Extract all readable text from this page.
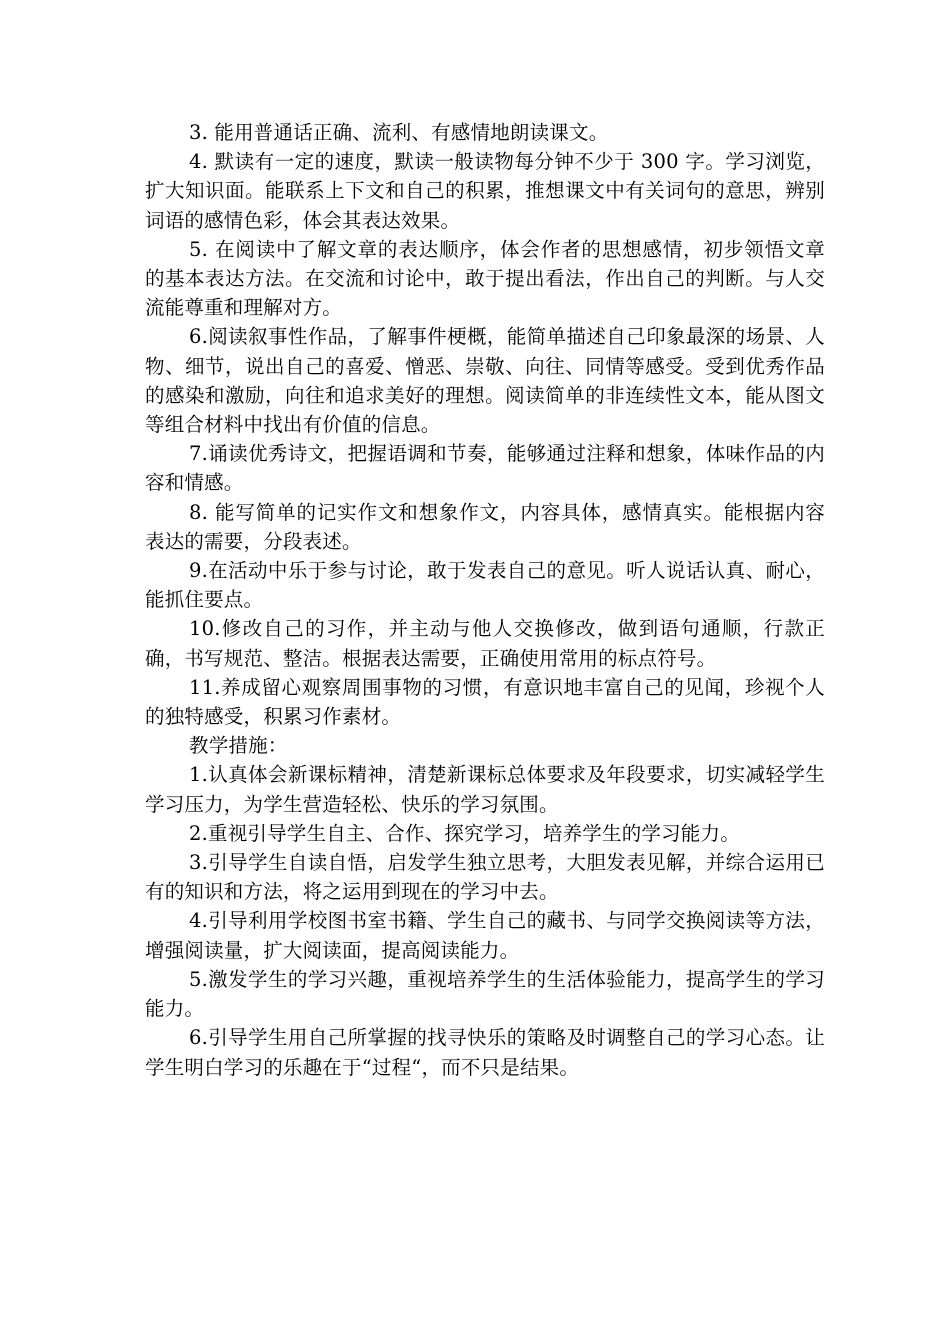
3. 能用普通话正确、流利、有感情地朗读课文。

4. 默读有一定的速度，默读一般读物每分钟不少于 300 字。学习浏览，扩大知识面。能联系上下文和自己的积累，推想课文中有关词句的意思，辨别词语的感情色彩，体会其表达效果。

5. 在阅读中了解文章的表达顺序，体会作者的思想感情，初步领悟文章的基本表达方法。在交流和讨论中，敢于提出看法，作出自己的判断。与人交流能尊重和理解对方。

6.阅读叙事性作品，了解事件梗概，能简单描述自己印象最深的场景、人物、细节，说出自己的喜爱、憎恶、崇敬、向往、同情等感受。受到优秀作品的感染和激励，向往和追求美好的理想。阅读简单的非连续性文本，能从图文等组合材料中找出有价值的信息。

7.诵读优秀诗文，把握语调和节奏，能够通过注释和想象，体味作品的内容和情感。

8. 能写简单的记实作文和想象作文，内容具体，感情真实。能根据内容表达的需要，分段表述。

9.在活动中乐于参与讨论，敢于发表自己的意见。听人说话认真、耐心，能抓住要点。

10.修改自己的习作，并主动与他人交换修改，做到语句通顺，行款正确，书写规范、整洁。根据表达需要，正确使用常用的标点符号。

11.养成留心观察周围事物的习惯，有意识地丰富自己的见闻，珍视个人的独特感受，积累习作素材。

教学措施：

1.认真体会新课标精神，清楚新课标总体要求及年段要求，切实减轻学生学习压力，为学生营造轻松、快乐的学习氛围。

2.重视引导学生自主、合作、探究学习，培养学生的学习能力。

3.引导学生自读自悟，启发学生独立思考，大胆发表见解，并综合运用已有的知识和方法，将之运用到现在的学习中去。

4.引导利用学校图书室书籍、学生自己的藏书、与同学交换阅读等方法，增强阅读量，扩大阅读面，提高阅读能力。

5.激发学生的学习兴趣，重视培养学生的生活体验能力，提高学生的学习能力。

6.引导学生用自己所掌握的找寻快乐的策略及时调整自己的学习心态。让学生明白学习的乐趣在于“过程“，而不只是结果。
